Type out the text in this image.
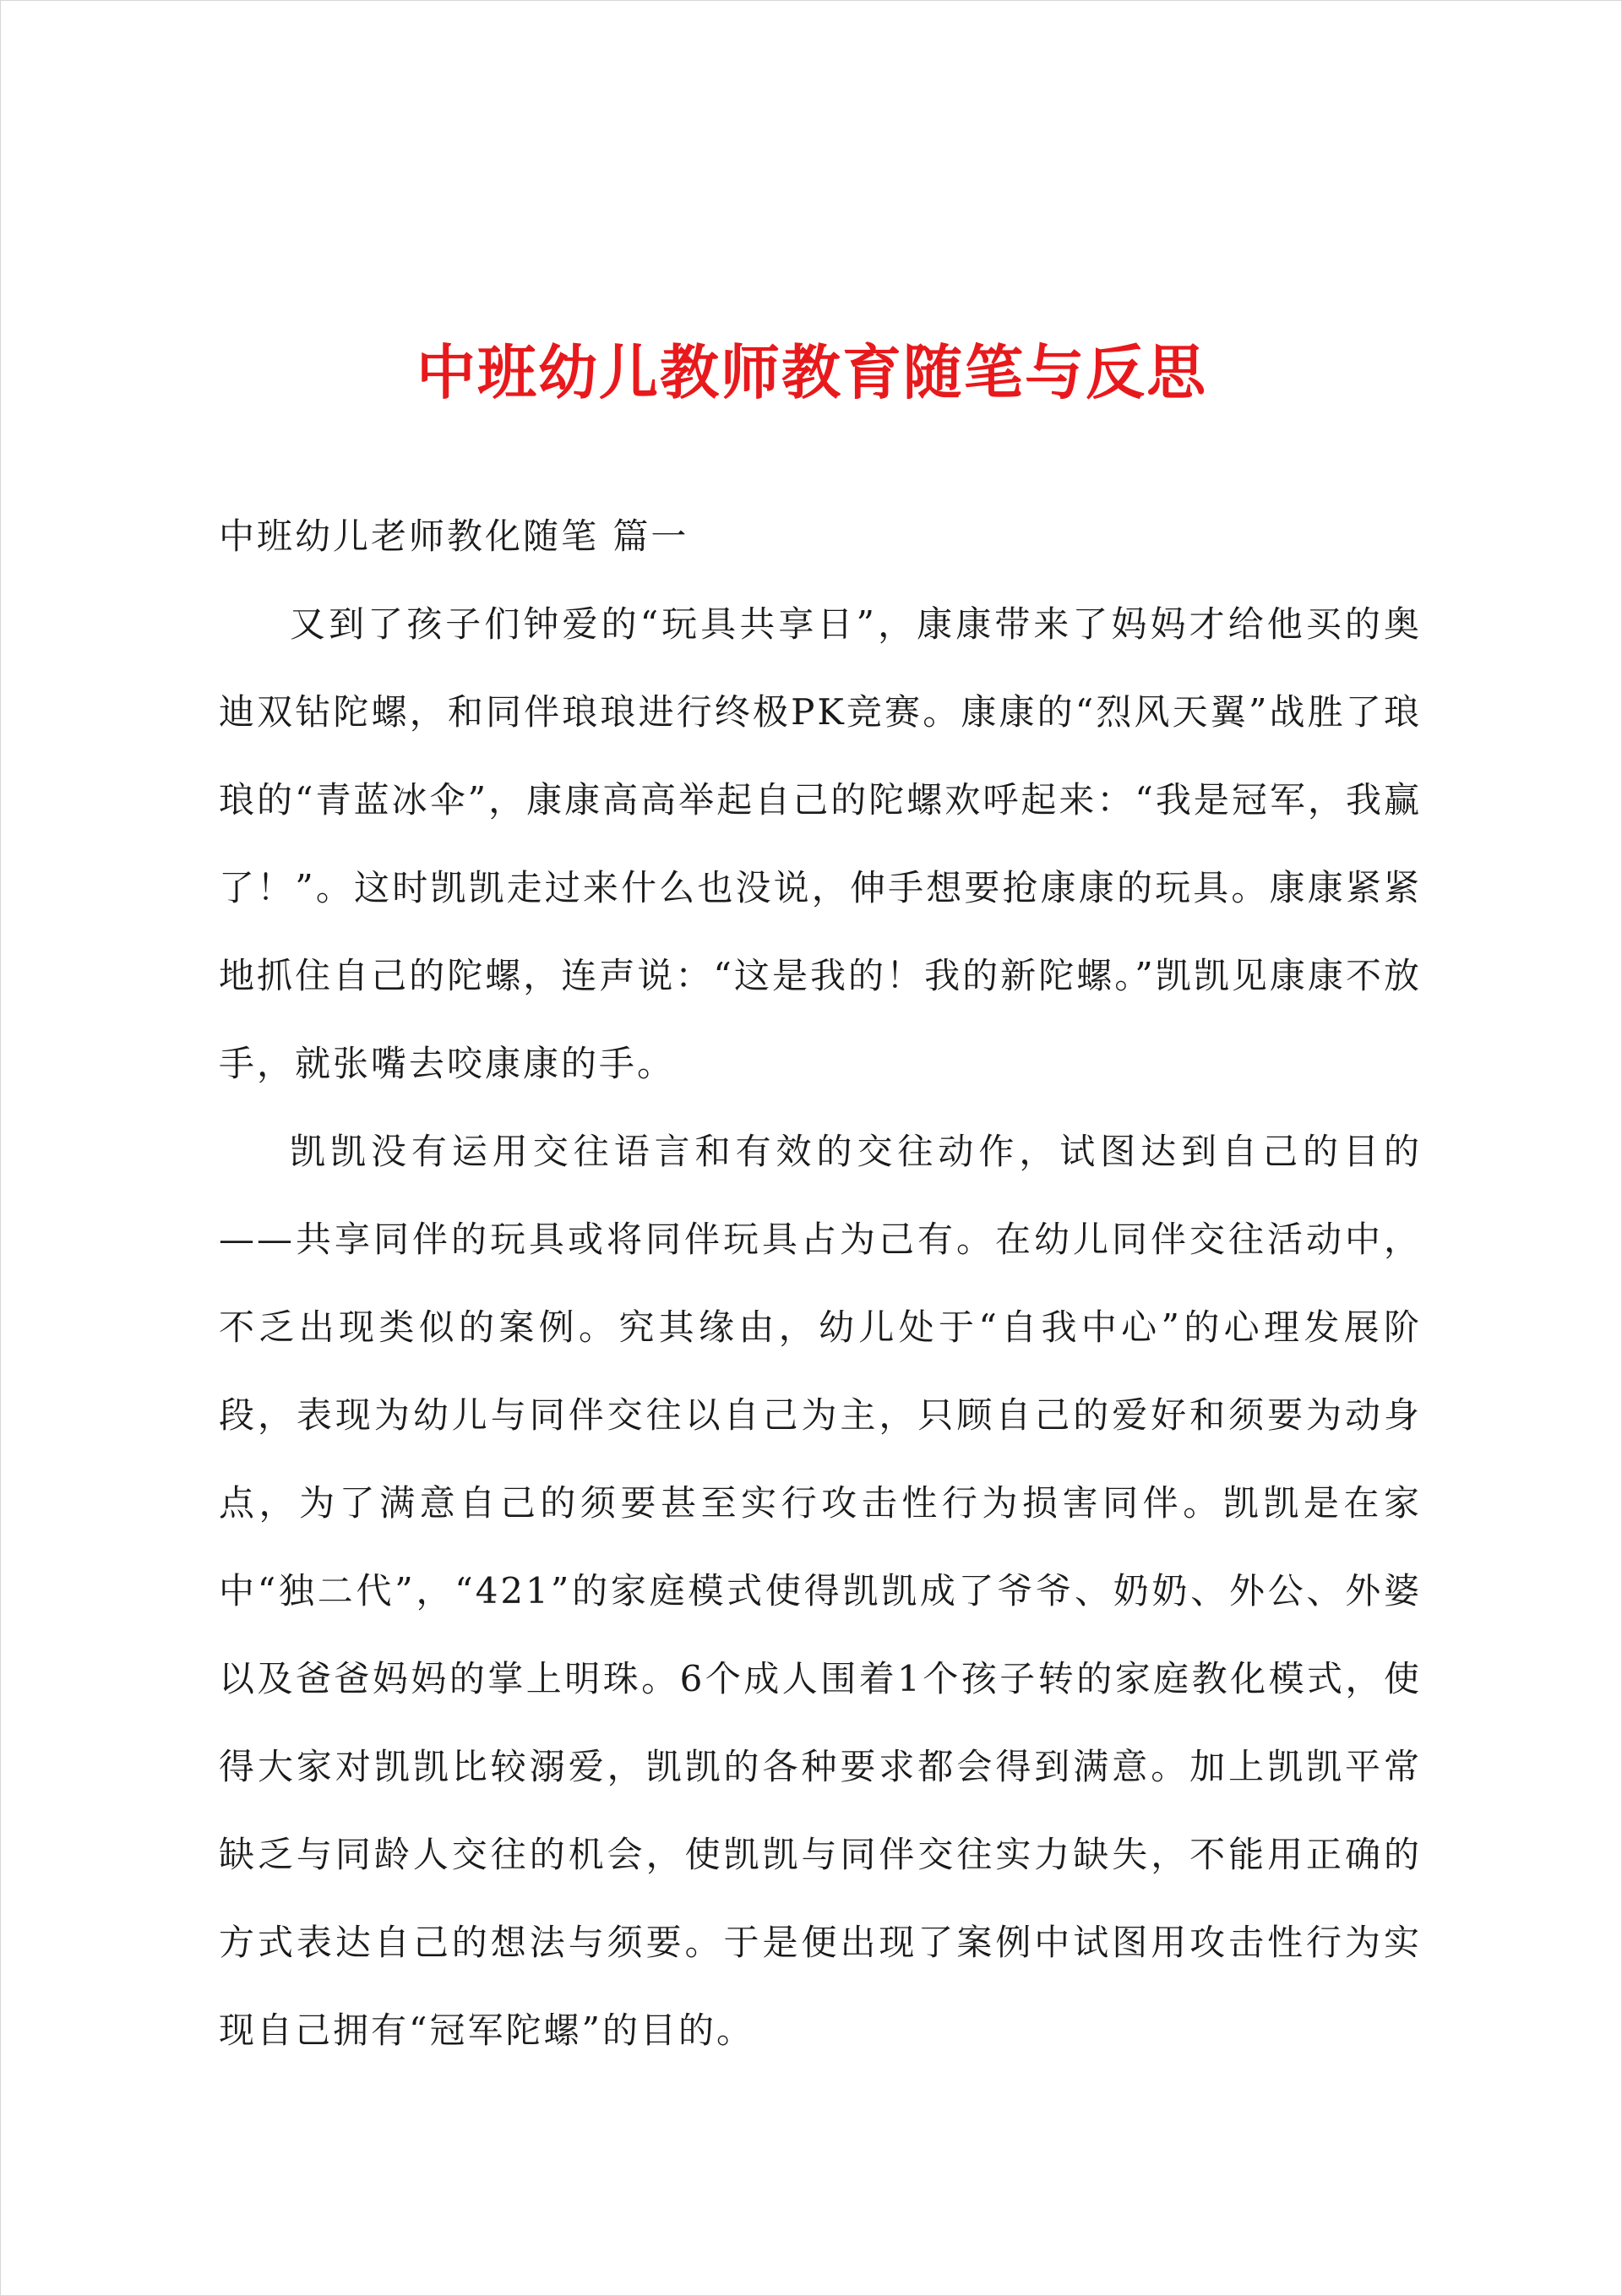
中班幼儿教师教育随笔与反思

中班幼儿老师教化随笔 篇一

又到了孩子们钟爱的“玩具共享日”，康康带来了妈妈才给他买的奥迪双钻陀螺，和同伴琅琅进行终极PK竞赛。康康的“烈风天翼”战胜了琅琅的“青蓝冰伞”，康康高高举起自己的陀螺欢呼起来：“我是冠军，我赢了！”。这时凯凯走过来什么也没说，伸手想要抢康康的玩具。康康紧紧地抓住自己的陀螺，连声说：“这是我的！我的新陀螺。”凯凯见康康不放手，就张嘴去咬康康的手。

凯凯没有运用交往语言和有效的交往动作，试图达到自己的目的——共享同伴的玩具或将同伴玩具占为己有。在幼儿同伴交往活动中，不乏出现类似的案例。究其缘由，幼儿处于“自我中心”的心理发展阶段，表现为幼儿与同伴交往以自己为主，只顾自己的爱好和须要为动身点，为了满意自己的须要甚至实行攻击性行为损害同伴。凯凯是在家中“独二代”，“421”的家庭模式使得凯凯成了爷爷、奶奶、外公、外婆以及爸爸妈妈的掌上明珠。6个成人围着1个孩子转的家庭教化模式，使得大家对凯凯比较溺爱，凯凯的各种要求都会得到满意。加上凯凯平常缺乏与同龄人交往的机会，使凯凯与同伴交往实力缺失，不能用正确的方式表达自己的想法与须要。于是便出现了案例中试图用攻击性行为实现自己拥有“冠军陀螺”的目的。
